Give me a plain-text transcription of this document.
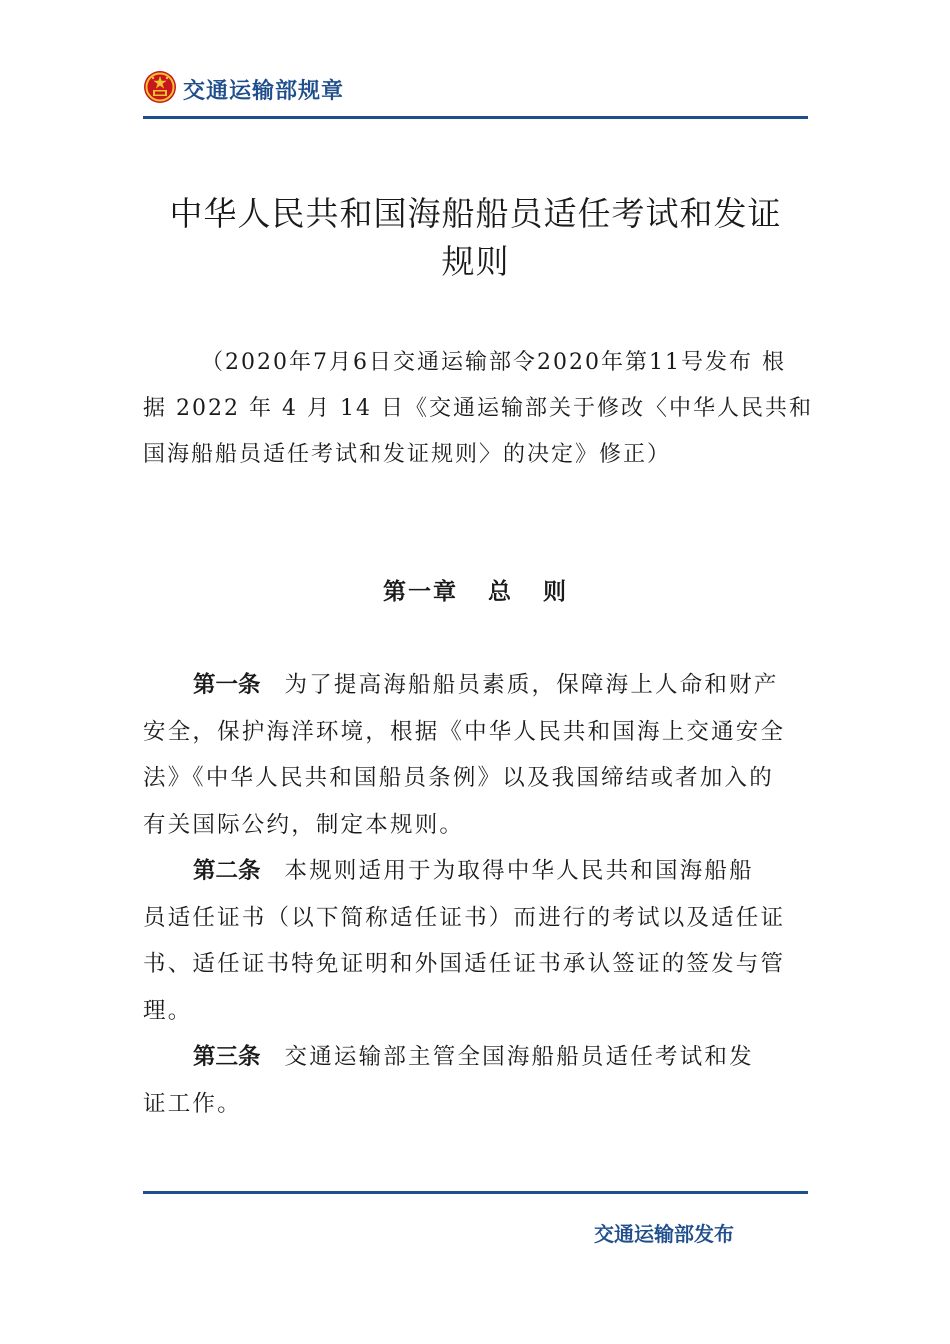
交通运输部规章
中华人民共和国海船船员适任考试和发证
规则
（2020年7月6日交通运输部令2020年第11号发布 根
据 2022 年 4 月 14 日《交通运输部关于修改〈中华人民共和
国海船船员适任考试和发证规则〉的决定》修正）
第一章   总   则
第一条 为了提高海船船员素质，保障海上人命和财产
安全，保护海洋环境，根据《中华人民共和国海上交通安全
法》《中华人民共和国船员条例》以及我国缔结或者加入的
有关国际公约，制定本规则。
第二条 本规则适用于为取得中华人民共和国海船船
员适任证书（以下简称适任证书）而进行的考试以及适任证
书、适任证书特免证明和外国适任证书承认签证的签发与管
理。
第三条 交通运输部主管全国海船船员适任考试和发
证工作。
交通运输部发布
